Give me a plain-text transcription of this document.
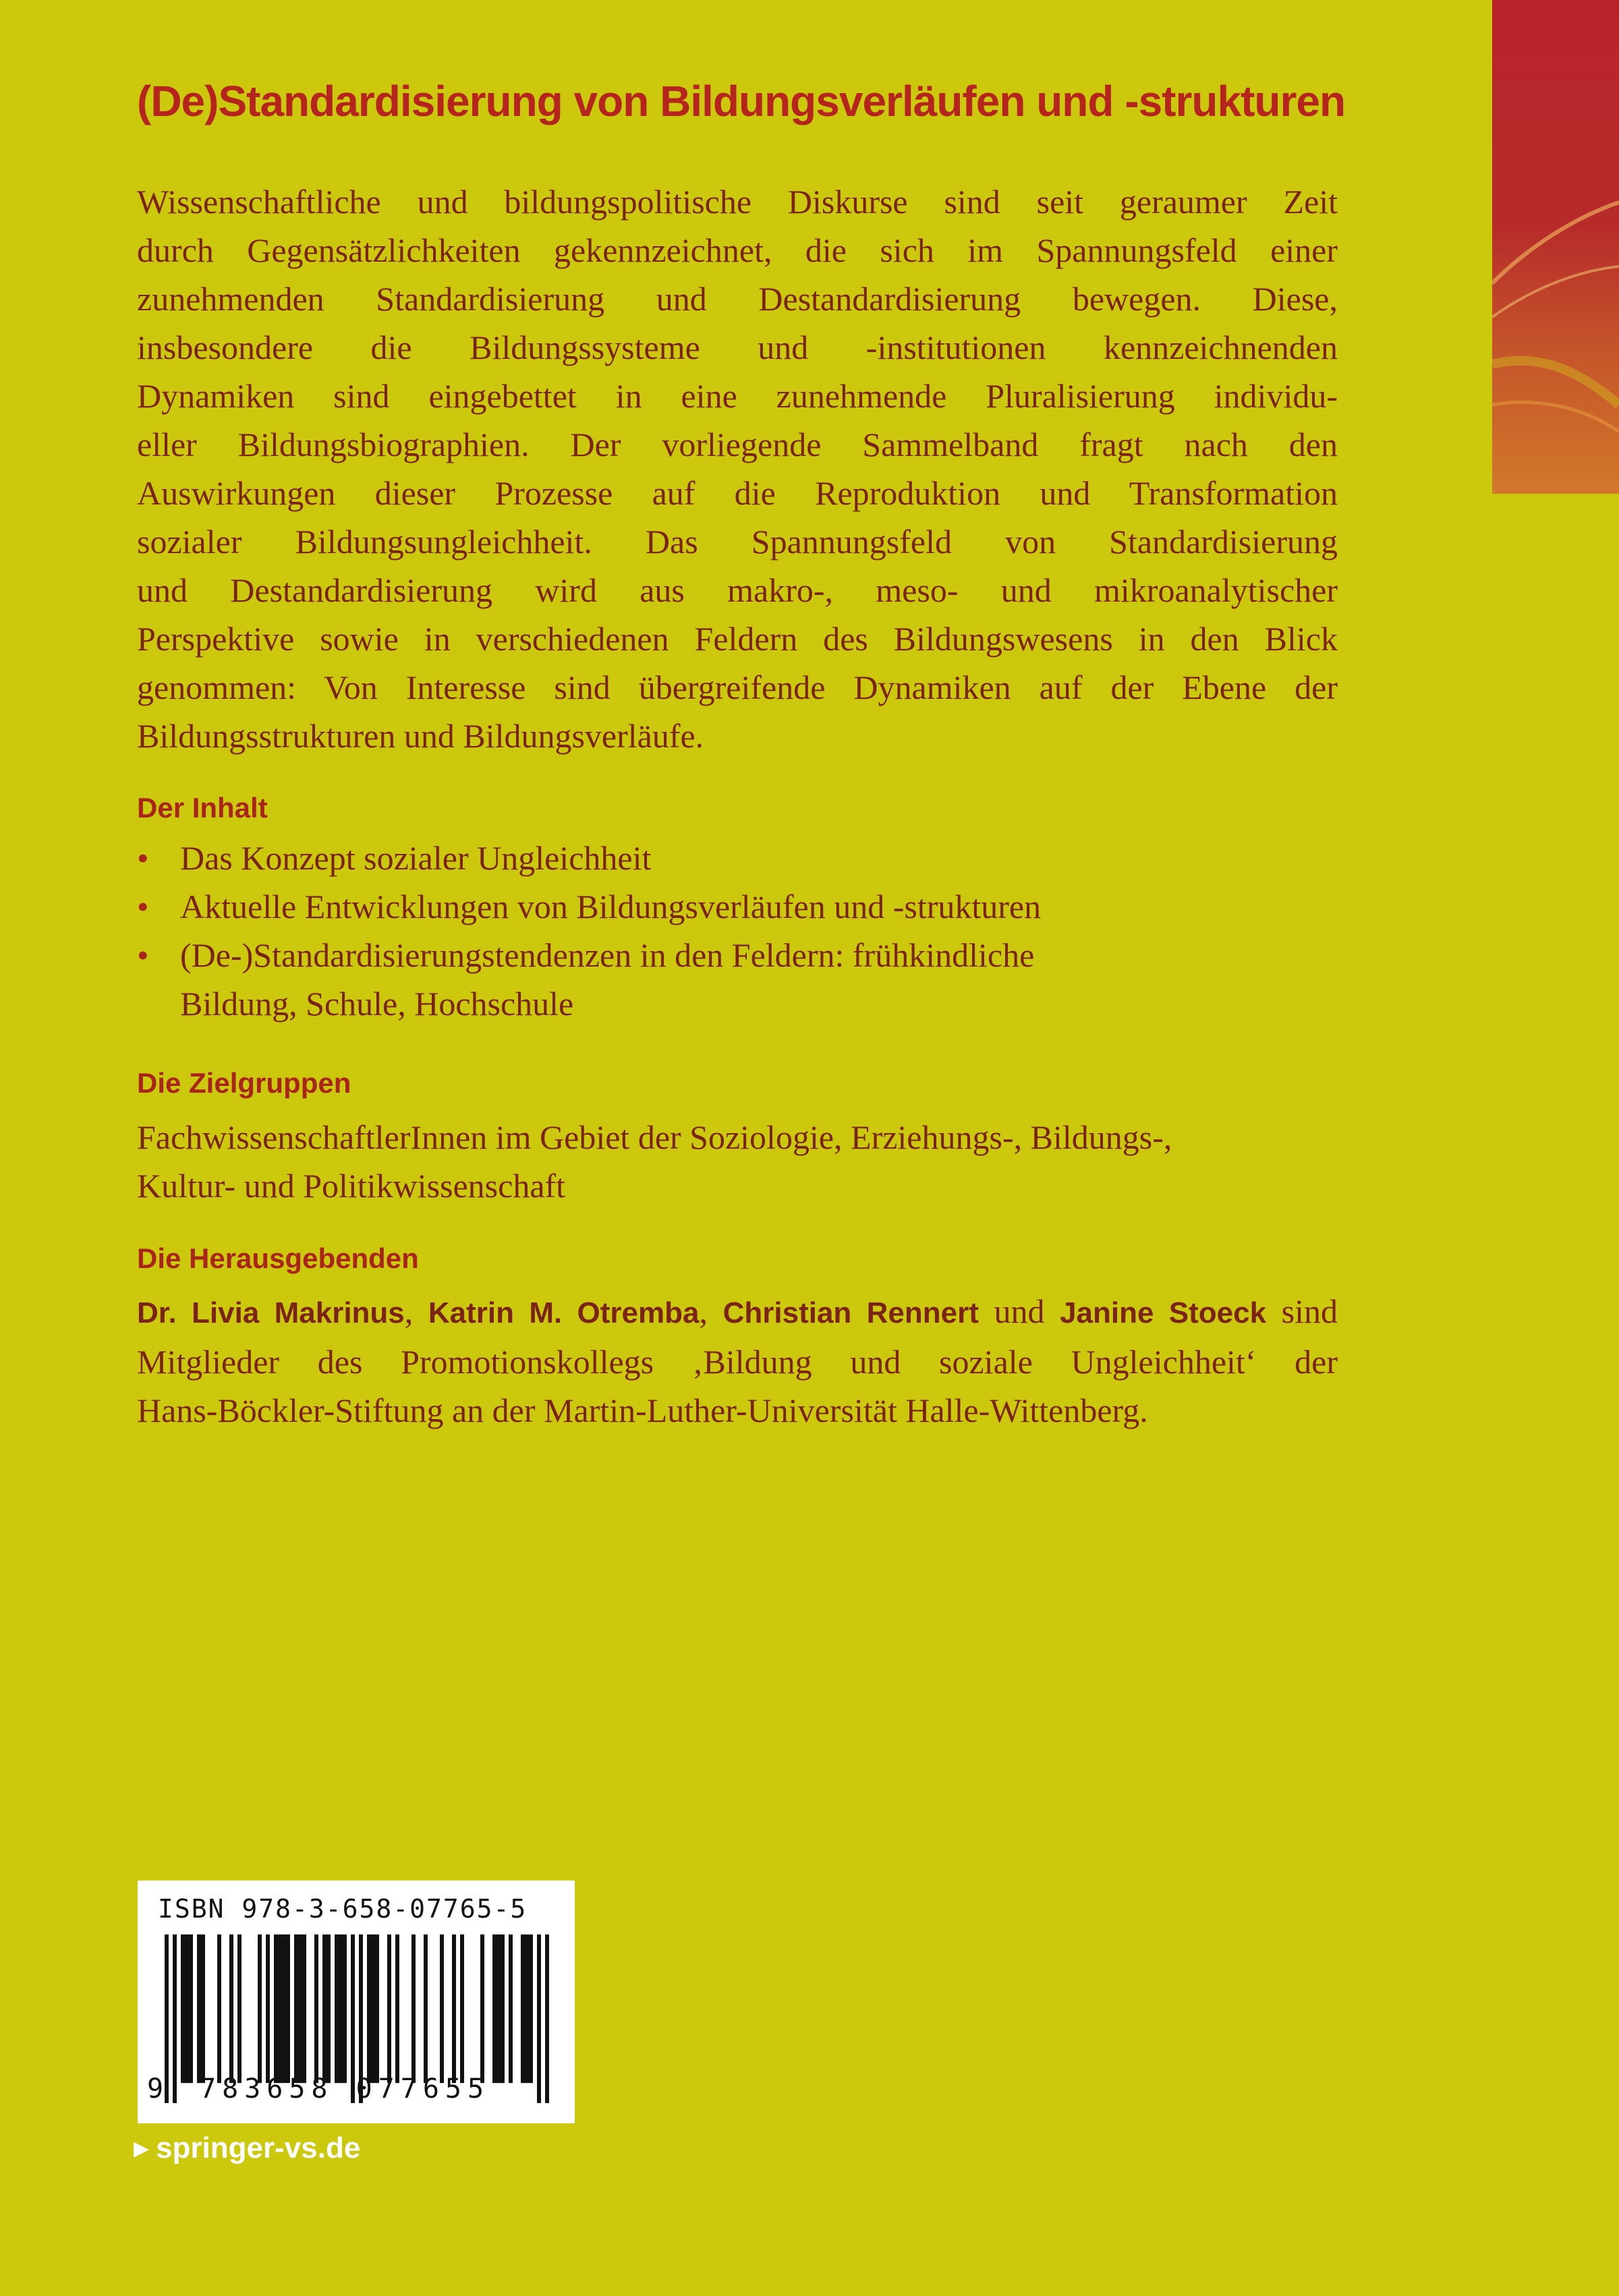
(De)Standardisierung von Bildungsverläufen und -strukturen

Wissenschaftliche und bildungspolitische Diskurse sind seit geraumer Zeit

durch Gegensätzlichkeiten gekennzeichnet, die sich im Spannungsfeld einer

zunehmenden Standardisierung und Destandardisierung bewegen. Diese,

insbesondere die Bildungssysteme und -institutionen kennzeichnenden

Dynamiken sind eingebettet in eine zunehmende Pluralisierung individu-

eller Bildungsbiographien. Der vorliegende Sammelband fragt nach den

Auswirkungen dieser Prozesse auf die Reproduktion und Transformation

sozialer Bildungsungleichheit. Das Spannungsfeld von Standardisierung

und Destandardisierung wird aus makro-, meso- und mikroanalytischer

Perspektive sowie in verschiedenen Feldern des Bildungswesens in den Blick

genommen: Von Interesse sind übergreifende Dynamiken auf der Ebene der

Bildungsstrukturen und Bildungsverläufe.

Der Inhalt
• Das Konzept sozialer Ungleichheit
• Aktuelle Entwicklungen von Bildungsverläufen und -strukturen
• (De-)Standardisierungstendenzen in den Feldern: frühkindliche
Bildung, Schule, Hochschule
Die Zielgruppen

FachwissenschaftlerInnen im Gebiet der Soziologie, Erziehungs-, Bildungs-,

Kultur- und Politikwissenschaft

Die Herausgebenden

Dr. Livia Makrinus, Katrin M. Otremba, Christian Rennert und Janine Stoeck sind

Mitglieder des Promotionskollegs ‚Bildung und soziale Ungleichheit‘ der

Hans-Böckler-Stiftung an der Martin-Luther-Universität Halle-Wittenberg.

ISBN 978-3-658-07765-5
9 783658 077655
▶ springer-vs.de
